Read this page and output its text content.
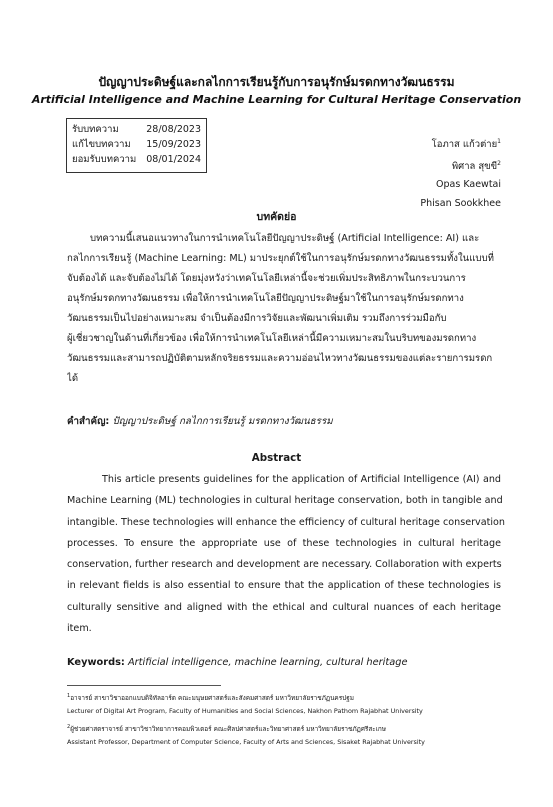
ปัญญาประดิษฐ์และกลไกการเรียนรู้กับการอนุรักษ์มรดกทางวัฒนธรรม
Artificial Intelligence and Machine Learning for Cultural Heritage Conservation
รับบทความ	28/08/2023
แก้ไขบทความ 15/09/2023
ยอมรับบทความ 08/01/2024
โอภาส แก้วต่าย$^1$
พิศาล สุขขี$^2$
Opas Kaewtai
Phisan Sookkhee
บทคัดย่อ
บทความนี้เสนอแนวทางในการนำเทคโนโลยีปัญญาประดิษฐ์ (Artificial Intelligence: AI) และ
กลไกการเรียนรู้ (Machine Learning: ML) มาประยุกต์ใช้ในการอนุรักษ์มรดกทางวัฒนธรรมทั้งในแบบที่
จับต้องได้ และจับต้องไม่ได้ โดยมุ่งหวังว่าเทคโนโลยีเหล่านี้จะช่วยเพิ่มประสิทธิภาพในกระบวนการ
อนุรักษ์มรดกทางวัฒนธรรม เพื่อให้การนำเทคโนโลยีปัญญาประดิษฐ์มาใช้ในการอนุรักษ์มรดกทาง
วัฒนธรรมเป็นไปอย่างเหมาะสม จำเป็นต้องมีการวิจัยและพัฒนาเพิ่มเติม รวมถึงการร่วมมือกับ
ผู้เชี่ยวชาญในด้านที่เกี่ยวข้อง เพื่อให้การนำเทคโนโลยีเหล่านี้มีความเหมาะสมในบริบทของมรดกทาง
วัฒนธรรมและสามารถปฏิบัติตามหลักจริยธรรมและความอ่อนไหวทางวัฒนธรรมของแต่ละรายการมรดก
ได้
คำสำคัญ: ปัญญาประดิษฐ์ กลไกการเรียนรู้ มรดกทางวัฒนธรรม
Abstract
This article presents guidelines for the application of Artificial Intelligence (AI) and
Machine Learning (ML) technologies in cultural heritage conservation, both in tangible and
intangible. These technologies will enhance the efficiency of cultural heritage conservation
processes. To ensure the appropriate use of these technologies in cultural heritage
conservation, further research and development are necessary. Collaboration with experts
in relevant fields is also essential to ensure that the application of these technologies is
culturally sensitive and aligned with the ethical and cultural nuances of each heritage
item.
Keywords: Artificial intelligence, machine learning, cultural heritage
$^1$อาจารย์ สาขาวิชาออกแบบดิจิทัลอาร์ต คณะมนุษยศาสตร์และสังคมศาสตร์ มหาวิทยาลัยราชภัฏนครปฐม
Lecturer of Digital Art Program, Faculty of Humanities and Social Sciences, Nakhon Pathom Rajabhat University
$^2$ผู้ช่วยศาสตราจารย์ สาขาวิชาวิทยาการคอมพิวเตอร์ คณะศิลปศาสตร์และวิทยาศาสตร์ มหาวิทยาลัยราชภัฏศรีสะเกษ
Assistant Professor, Department of Computer Science, Faculty of Arts and Sciences, Sisaket Rajabhat University
